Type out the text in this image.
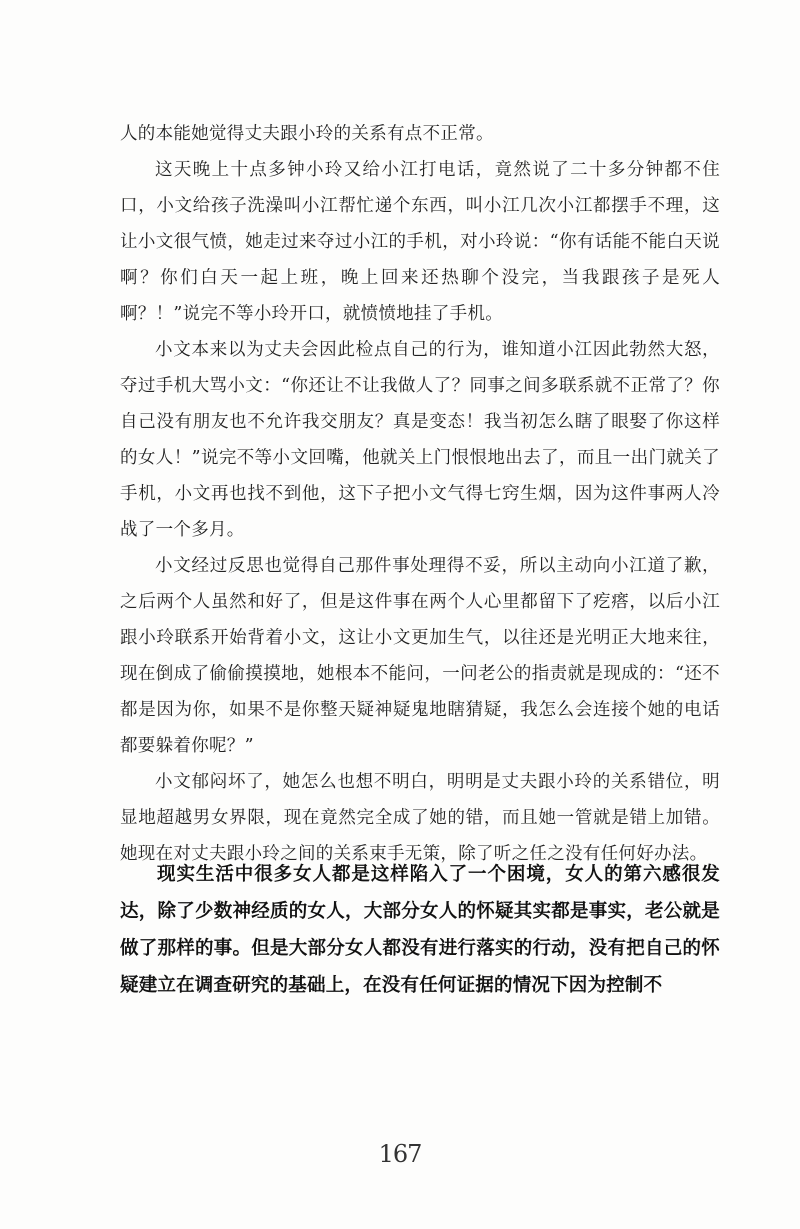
人的本能她觉得丈夫跟小玲的关系有点不正常。

这天晚上十点多钟小玲又给小江打电话，竟然说了二十多分钟都不住口，小文给孩子洗澡叫小江帮忙递个东西，叫小江几次小江都摆手不理，这让小文很气愤，她走过来夺过小江的手机，对小玲说：“你有话能不能白天说啊？你们白天一起上班，晚上回来还热聊个没完，当我跟孩子是死人啊？！”说完不等小玲开口，就愤愤地挂了手机。

小文本来以为丈夫会因此检点自己的行为，谁知道小江因此勃然大怒，夺过手机大骂小文：“你还让不让我做人了？同事之间多联系就不正常了？你自己没有朋友也不允许我交朋友？真是变态！我当初怎么瞎了眼娶了你这样的女人！”说完不等小文回嘴，他就关上门恨恨地出去了，而且一出门就关了手机，小文再也找不到他，这下子把小文气得七窍生烟，因为这件事两人冷战了一个多月。

小文经过反思也觉得自己那件事处理得不妥，所以主动向小江道了歉，之后两个人虽然和好了，但是这件事在两个人心里都留下了疙瘩，以后小江跟小玲联系开始背着小文，这让小文更加生气，以往还是光明正大地来往，现在倒成了偷偷摸摸地，她根本不能问，一问老公的指责就是现成的：“还不都是因为你，如果不是你整天疑神疑鬼地瞎猜疑，我怎么会连接个她的电话都要躲着你呢？”

小文郁闷坏了，她怎么也想不明白，明明是丈夫跟小玲的关系错位，明显地超越男女界限，现在竟然完全成了她的错，而且她一管就是错上加错。她现在对丈夫跟小玲之间的关系束手无策，除了听之任之没有任何好办法。

现实生活中很多女人都是这样陷入了一个困境，女人的第六感很发达，除了少数神经质的女人，大部分女人的怀疑其实都是事实，老公就是做了那样的事。但是大部分女人都没有进行落实的行动，没有把自己的怀疑建立在调查研究的基础上，在没有任何证据的情况下因为控制不

167
